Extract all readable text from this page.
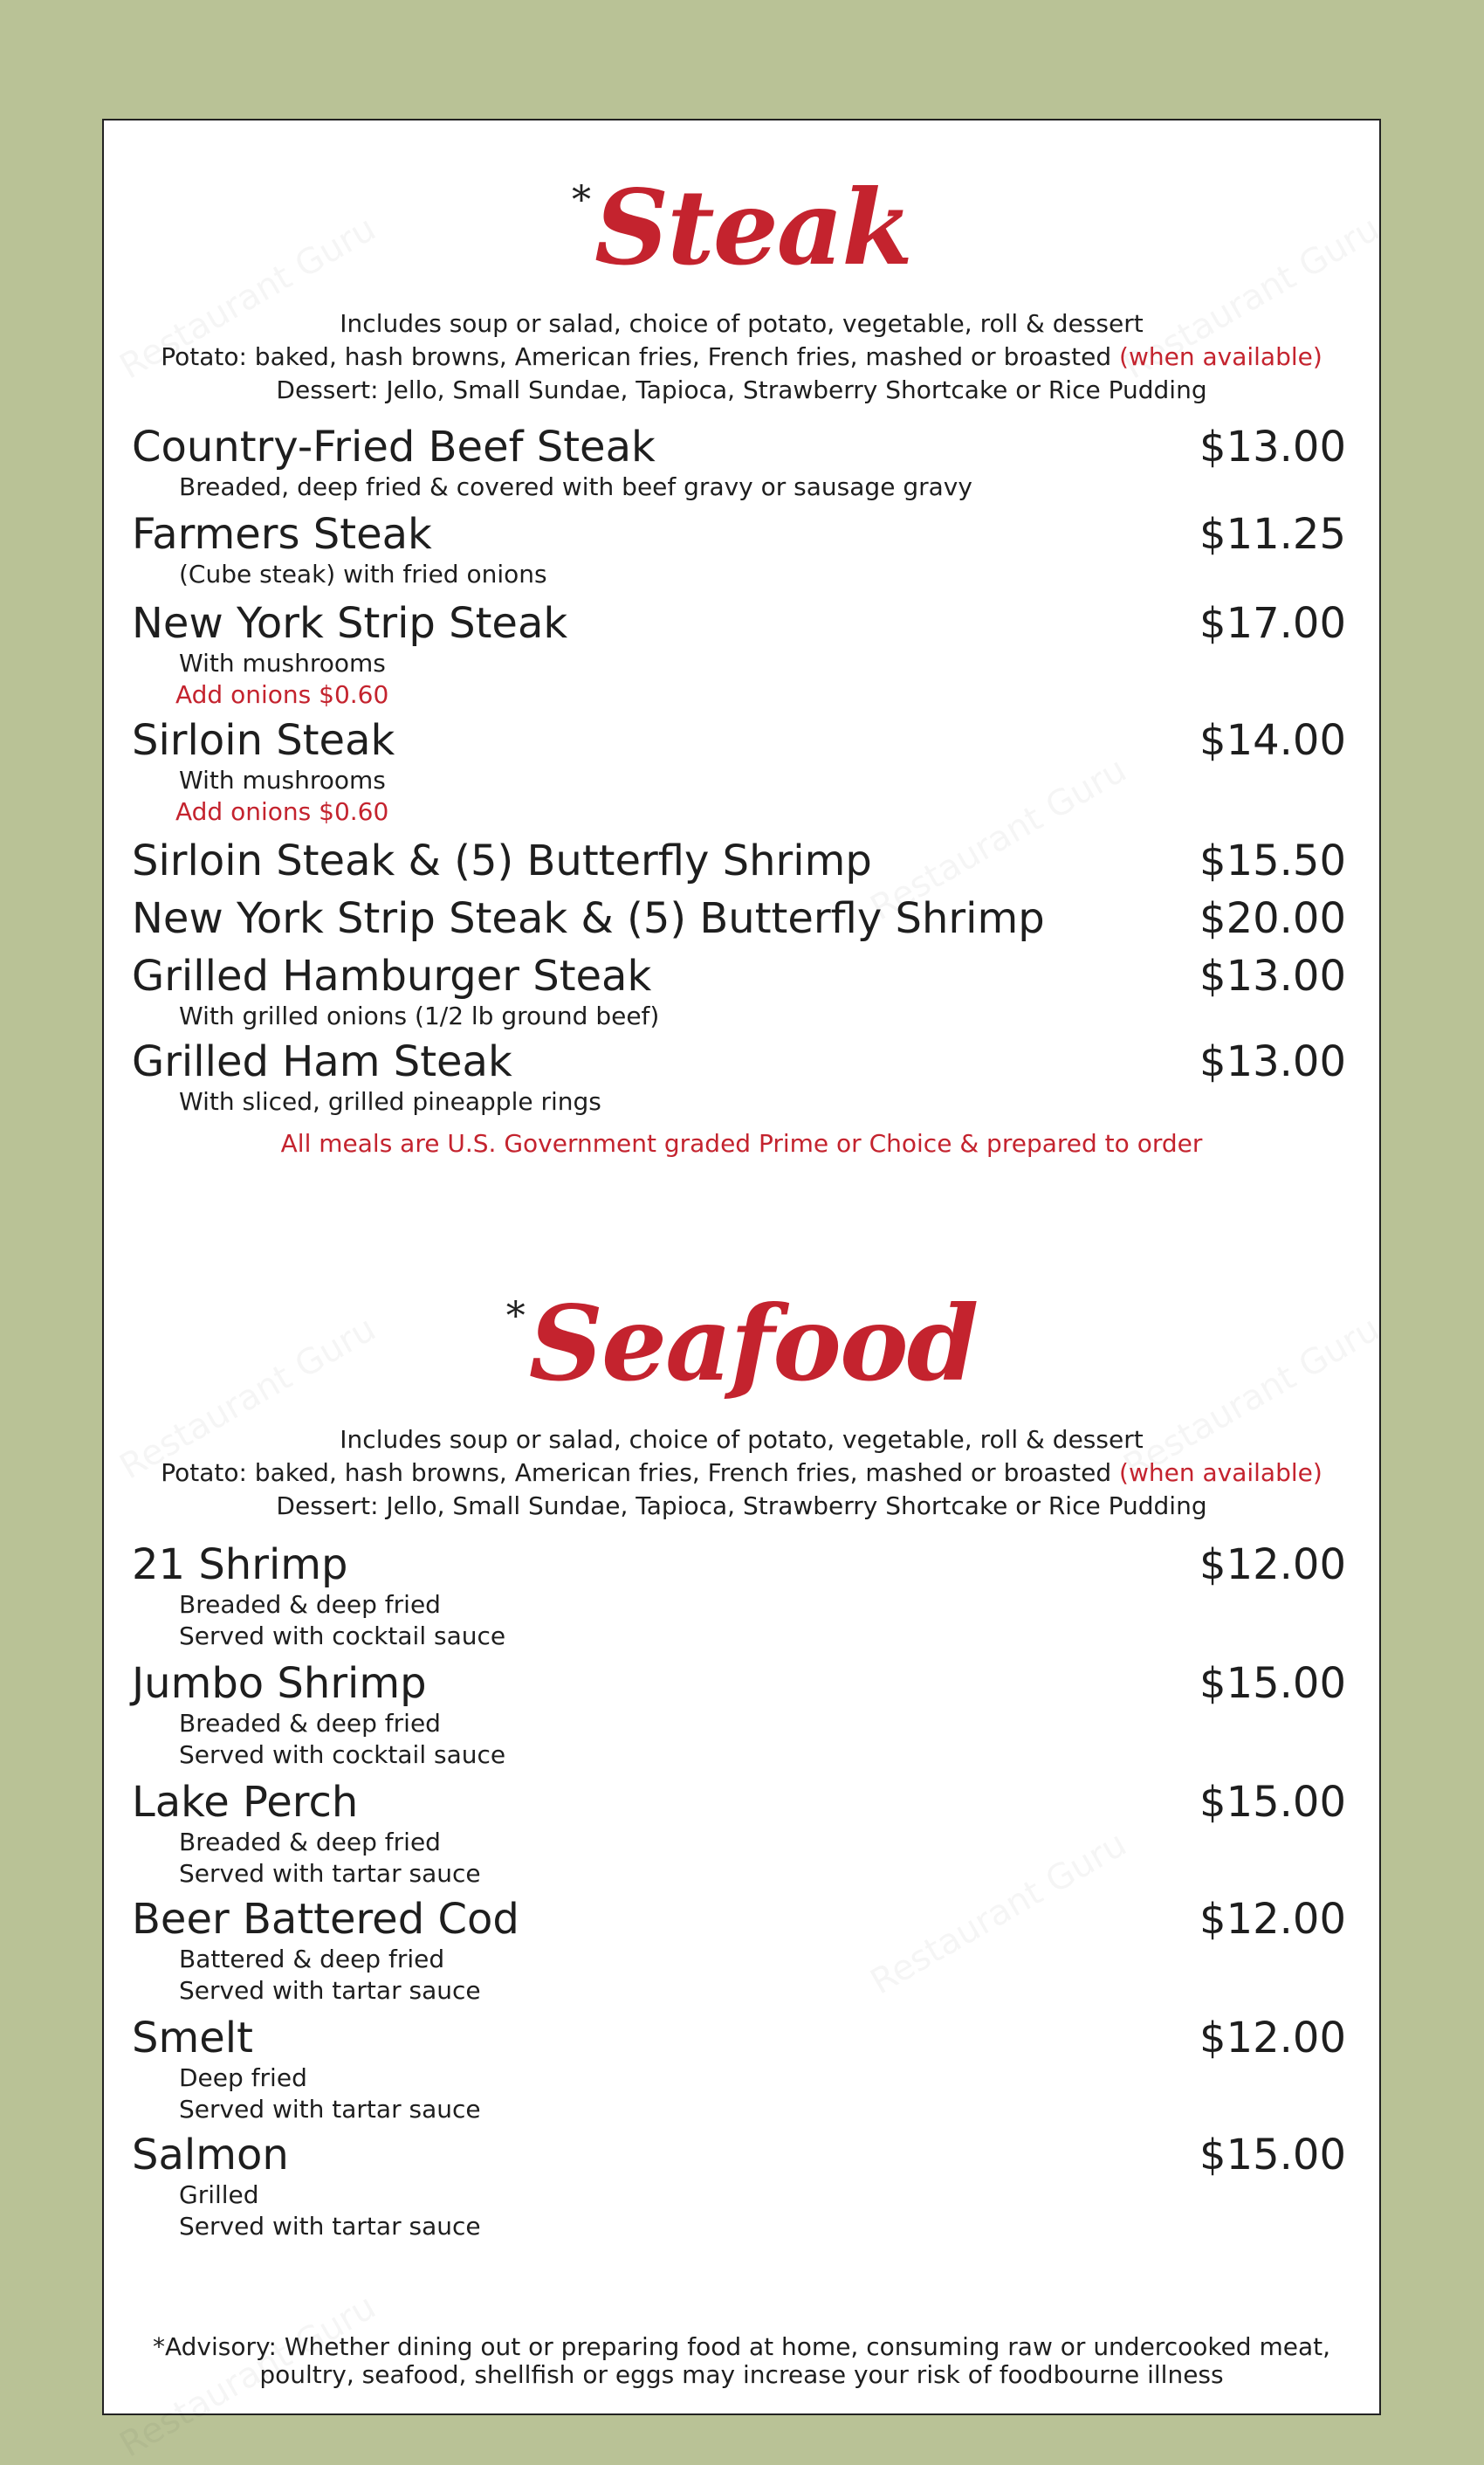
*Steak
Includes soup or salad, choice of potato, vegetable, roll & dessert
Potato: baked, hash browns, American fries, French fries, mashed or broasted (when available)
Dessert: Jello, Small Sundae, Tapioca, Strawberry Shortcake or Rice Pudding
Country-Fried Beef Steak	$13.00
Breaded, deep fried & covered with beef gravy or sausage gravy
Farmers Steak	$11.25
(Cube steak) with fried onions
New York Strip Steak	$17.00
With mushrooms
Add onions $0.60
Sirloin Steak	$14.00
With mushrooms
Add onions $0.60
Sirloin Steak & (5) Butterfly Shrimp	$15.50
New York Strip Steak & (5) Butterfly Shrimp	$20.00
Grilled Hamburger Steak	$13.00
With grilled onions (1/2 lb ground beef)
Grilled Ham Steak	$13.00
With sliced, grilled pineapple rings
All meals are U.S. Government graded Prime or Choice & prepared to order
*Seafood
Includes soup or salad, choice of potato, vegetable, roll & dessert
Potato: baked, hash browns, American fries, French fries, mashed or broasted (when available)
Dessert: Jello, Small Sundae, Tapioca, Strawberry Shortcake or Rice Pudding
21 Shrimp	$12.00
Breaded & deep fried
Served with cocktail sauce
Jumbo Shrimp	$15.00
Breaded & deep fried
Served with cocktail sauce
Lake Perch	$15.00
Breaded & deep fried
Served with tartar sauce
Beer Battered Cod	$12.00
Battered & deep fried
Served with tartar sauce
Smelt	$12.00
Deep fried
Served with tartar sauce
Salmon	$15.00
Grilled
Served with tartar sauce
*Advisory: Whether dining out or preparing food at home, consuming raw or undercooked meat,
poultry, seafood, shellfish or eggs may increase your risk of foodbourne illness
